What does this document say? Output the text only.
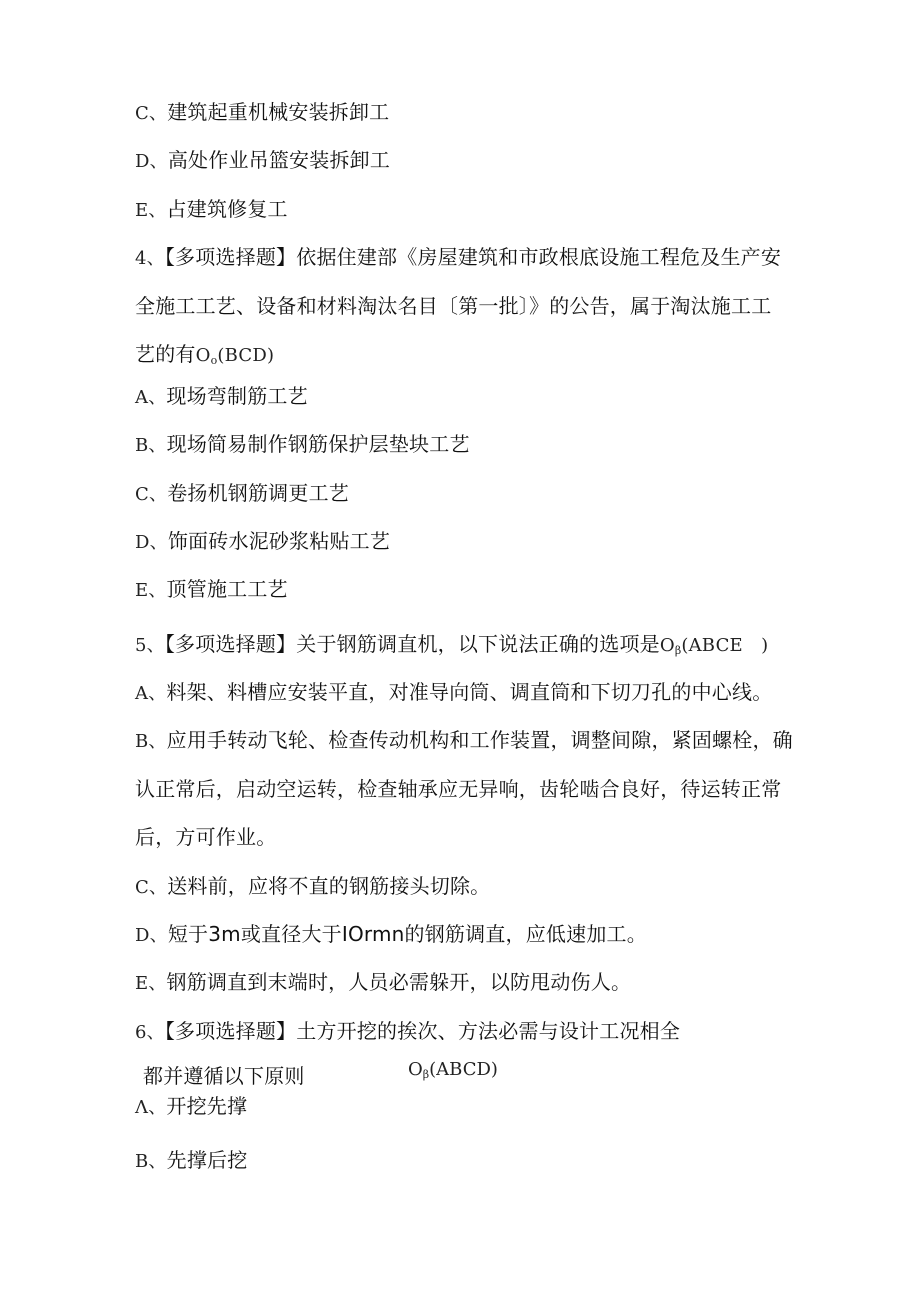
C、建筑起重机械安装拆卸工
D、高处作业吊篮安装拆卸工
E、占建筑修复工
4、【多项选择题】依据住建部《房屋建筑和市政根底设施工程危及生产安
全施工工艺、设备和材料淘汰名目〔第一批〕》的公告，属于淘汰施工工
艺的有$O_o(BCD)$
A、现场弯制筋工艺
B、现场简易制作钢筋保护层垫块工艺
C、卷扬机钢筋调更工艺
D、饰面砖水泥砂浆粘贴工艺
E、顶管施工工艺
5、【多项选择题】关于钢筋调直机，以下说法正确的选项是$O_\beta(ABCE$　)
A、料架、料槽应安装平直，对准导向筒、调直筒和下切刀孔的中心线。
B、应用手转动飞轮、检查传动机构和工作装置，调整间隙，紧固螺栓，确
认正常后，启动空运转，检查轴承应无异响，齿轮啮合良好，待运转正常
后，方可作业。
C、送料前，应将不直的钢筋接头切除。
D、短于3m或直径大于IOrmn的钢筋调直，应低速加工。
E、钢筋调直到末端时，人员必需躲开，以防甩动伤人。
6、【多项选择题】土方开挖的挨次、方法必需与设计工况相全
都并遵循以下原则
Λ、开挖先撑
B、先撑后挖
$O_\beta(ABCD)$
